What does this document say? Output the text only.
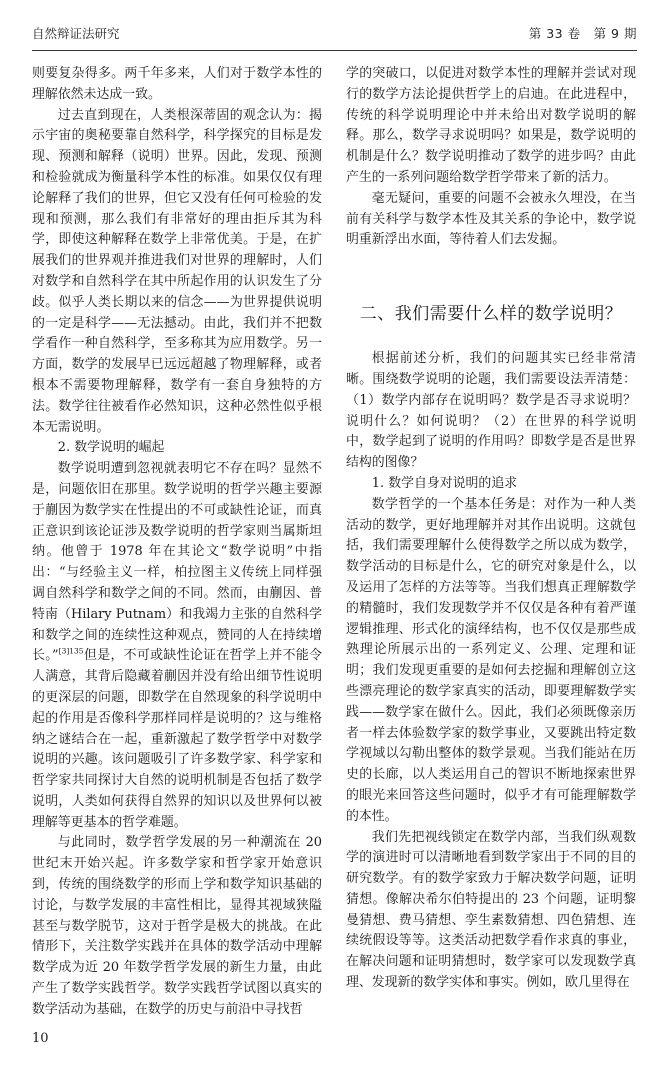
自然辩证法研究	第 33 卷　第 9 期

则要复杂得多。两千年多来，人们对于数学本性的理解依然未达成一致。

过去直到现在，人类根深蒂固的观念认为：揭示宇宙的奥秘要靠自然科学，科学探究的目标是发现、预测和解释（说明）世界。因此，发现、预测和检验就成为衡量科学本性的标准。如果仅仅有理论解释了我们的世界，但它又没有任何可检验的发现和预测，那么我们有非常好的理由拒斥其为科学，即使这种解释在数学上非常优美。于是，在扩展我们的世界观并推进我们对世界的理解时，人们对数学和自然科学在其中所起作用的认识发生了分歧。似乎人类长期以来的信念——为世界提供说明的一定是科学——无法撼动。由此，我们并不把数学看作一种自然科学，至多称其为应用数学。另一方面，数学的发展早已远远超越了物理解释，或者根本不需要物理解释，数学有一套自身独特的方法。数学往往被看作必然知识，这种必然性似乎根本无需说明。

2. 数学说明的崛起

数学说明遭到忽视就表明它不存在吗？显然不是，问题依旧在那里。数学说明的哲学兴趣主要源于蒯因为数学实在性提出的不可或缺性论证，而真正意识到该论证涉及数学说明的哲学家则当属斯坦纳。他曾于 1978 年在其论文“数学说明”中指出：“与经验主义一样，柏拉图主义传统上同样强调自然科学和数学之间的不同。然而，由蒯因、普特南（Hilary Putnam）和我竭力主张的自然科学和数学之间的连续性这种观点，赞同的人在持续增长。”$^{[3]135}$但是，不可或缺性论证在哲学上并不能令人满意，其背后隐藏着蒯因并没有给出细节性说明的更深层的问题，即数学在自然现象的科学说明中起的作用是否像科学那样同样是说明的？这与维格纳之谜结合在一起，重新激起了数学哲学中对数学说明的兴趣。该问题吸引了许多数学家、科学家和哲学家共同探讨大自然的说明机制是否包括了数学说明，人类如何获得自然界的知识以及世界何以被理解等更基本的哲学难题。

与此同时，数学哲学发展的另一种潮流在 20 世纪末开始兴起。许多数学家和哲学家开始意识到，传统的围绕数学的形而上学和数学知识基础的讨论，与数学发展的丰富性相比，显得其视域狭隘甚至与数学脱节，这对于哲学是极大的挑战。在此情形下，关注数学实践并在具体的数学活动中理解数学成为近 20 年数学哲学发展的新生力量，由此产生了数学实践哲学。数学实践哲学试图以真实的数学活动为基础，在数学的历史与前沿中寻找哲

学的突破口，以促进对数学本性的理解并尝试对现行的数学方法论提供哲学上的启迪。在此进程中，传统的科学说明理论中并未给出对数学说明的解释。那么，数学寻求说明吗？如果是，数学说明的机制是什么？数学说明推动了数学的进步吗？由此产生的一系列问题给数学哲学带来了新的活力。

毫无疑问，重要的问题不会被永久埋没，在当前有关科学与数学本性及其关系的争论中，数学说明重新浮出水面，等待着人们去发掘。

二、我们需要什么样的数学说明？

根据前述分析，我们的问题其实已经非常清晰。围绕数学说明的论题，我们需要设法弄清楚：（1）数学内部存在说明吗？数学是否寻求说明？说明什么？如何说明？（2）在世界的科学说明中，数学起到了说明的作用吗？即数学是否是世界结构的图像？

1. 数学自身对说明的追求

数学哲学的一个基本任务是：对作为一种人类活动的数学，更好地理解并对其作出说明。这就包括，我们需要理解什么使得数学之所以成为数学，数学活动的目标是什么，它的研究对象是什么，以及运用了怎样的方法等等。当我们想真正理解数学的精髓时，我们发现数学并不仅仅是各种有着严谨逻辑推理、形式化的演绎结构，也不仅仅是那些成熟理论所展示出的一系列定义、公理、定理和证明；我们发现更重要的是如何去挖掘和理解创立这些漂亮理论的数学家真实的活动，即要理解数学实践——数学家在做什么。因此，我们必须既像亲历者一样去体验数学家的数学事业，又要跳出特定数学视域以勾勒出整体的数学景观。当我们能站在历史的长廊，以人类运用自己的智识不断地探索世界的眼光来回答这些问题时，似乎才有可能理解数学的本性。

我们先把视线锁定在数学内部，当我们纵观数学的演进时可以清晰地看到数学家出于不同的目的研究数学。有的数学家致力于解决数学问题，证明猜想。像解决希尔伯特提出的 23 个问题，证明黎曼猜想、费马猜想、孪生素数猜想、四色猜想、连续统假设等等。这类活动把数学看作求真的事业，在解决问题和证明猜想时，数学家可以发现数学真理、发现新的数学实体和事实。例如，欧几里得在

10
